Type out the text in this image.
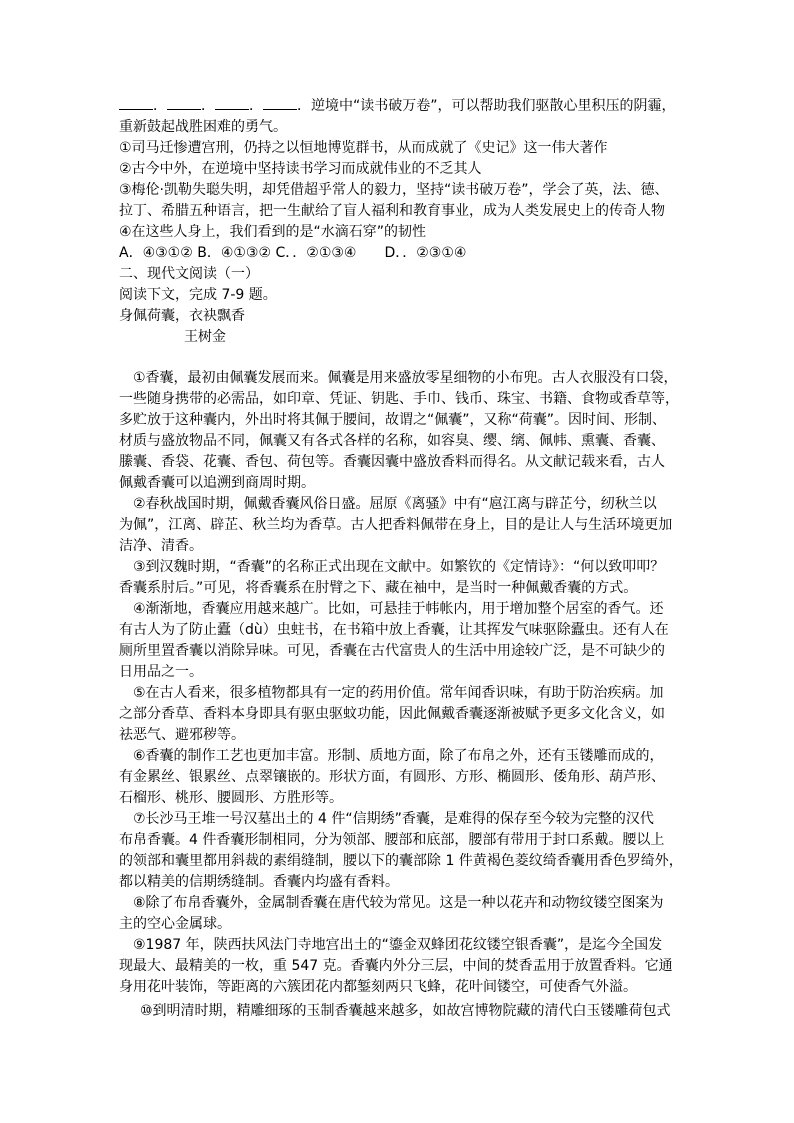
． ． ． ．逆境中“读书破万卷”，可以帮助我们驱散心里积压的阴霾，
重新鼓起战胜困难的勇气。
①司马迁惨遭宫刑，仍持之以恒地博览群书，从而成就了《史记》这一伟大著作
②古今中外，在逆境中坚持读书学习而成就伟业的不乏其人
③梅伦·凯勒失聪失明，却凭借超乎常人的毅力，坚持“读书破万卷”，学会了英，法、德、
拉丁、希腊五种语言，把一生献给了盲人福利和教育事业，成为人类发展史上的传奇人物
④在这些人身上，我们看到的是“水滴石穿”的韧性
A．④③①② B．④①③② C．．②①③④　　D．．②③①④
二、现代文阅读（一）
阅读下文，完成 7-9 题。
身佩荷囊，衣袂飘香
王树金
①香囊，最初由佩囊发展而来。佩囊是用来盛放零星细物的小布兜。古人衣服没有口袋，
一些随身携带的必需品，如印章、凭证、钥匙、手巾、钱币、珠宝、书籍、食物或香草等，
多贮放于这种囊内，外出时将其佩于腰间，故谓之“佩囊”，又称“荷囊”。因时间、形制、
材质与盛放物品不同，佩囊又有各式各样的名称，如容臭、缨、缡、佩帏、熏囊、香囊、
縢囊、香袋、花囊、香包、荷包等。香囊因囊中盛放香料而得名。从文献记载来看，古人
佩戴香囊可以追溯到商周时期。
②春秋战国时期，佩戴香囊风俗日盛。屈原《离骚》中有“扈江离与辟芷兮，纫秋兰以
为佩”，江离、辟芷、秋兰均为香草。古人把香料佩带在身上，目的是让人与生活环境更加
洁净、清香。
③到汉魏时期，“香囊”的名称正式出现在文献中。如繁钦的《定情诗》：“何以致叩叩？
香囊系肘后。”可见，将香囊系在肘臂之下、藏在袖中，是当时一种佩戴香囊的方式。
④渐渐地，香囊应用越来越广。比如，可悬挂于帏帐内，用于增加整个居室的香气。还
有古人为了防止蠹（dù）虫蛀书，在书箱中放上香囊，让其挥发气味驱除蠹虫。还有人在
厕所里置香囊以消除异味。可见，香囊在古代富贵人的生活中用途较广泛，是不可缺少的
日用品之一。
⑤在古人看来，很多植物都具有一定的药用价值。常年闻香识味，有助于防治疾病。加
之部分香草、香料本身即具有驱虫驱蚊功能，因此佩戴香囊逐渐被赋予更多文化含义，如
祛恶气、避邪秽等。
⑥香囊的制作工艺也更加丰富。形制、质地方面，除了布帛之外，还有玉镂雕而成的，
有金累丝、银累丝、点翠镶嵌的。形状方面，有圆形、方形、椭圆形、倭角形、葫芦形、
石榴形、桃形、腰圆形、方胜形等。
⑦长沙马王堆一号汉墓出土的 4 件“信期绣”香囊，是难得的保存至今较为完整的汉代
布帛香囊。4 件香囊形制相同，分为领部、腰部和底部，腰部有带用于封口系戴。腰以上
的领部和囊里都用斜裁的素绢缝制，腰以下的囊部除 1 件黄褐色菱纹绮香囊用香色罗绮外，
都以精美的信期绣缝制。香囊内均盛有香料。
⑧除了布帛香囊外，金属制香囊在唐代较为常见。这是一种以花卉和动物纹镂空图案为
主的空心金属球。
⑨1987 年，陕西扶风法门寺地宫出土的“鎏金双蜂团花纹镂空银香囊”，是迄今全国发
现最大、最精美的一枚，重 547 克。香囊内外分三层，中间的焚香盂用于放置香料。它通
身用花叶装饰，等距离的六簇团花内都錾刻两只飞蜂，花叶间镂空，可使香气外溢。
⑩到明清时期，精雕细琢的玉制香囊越来越多，如故宫博物院藏的清代白玉镂雕荷包式
